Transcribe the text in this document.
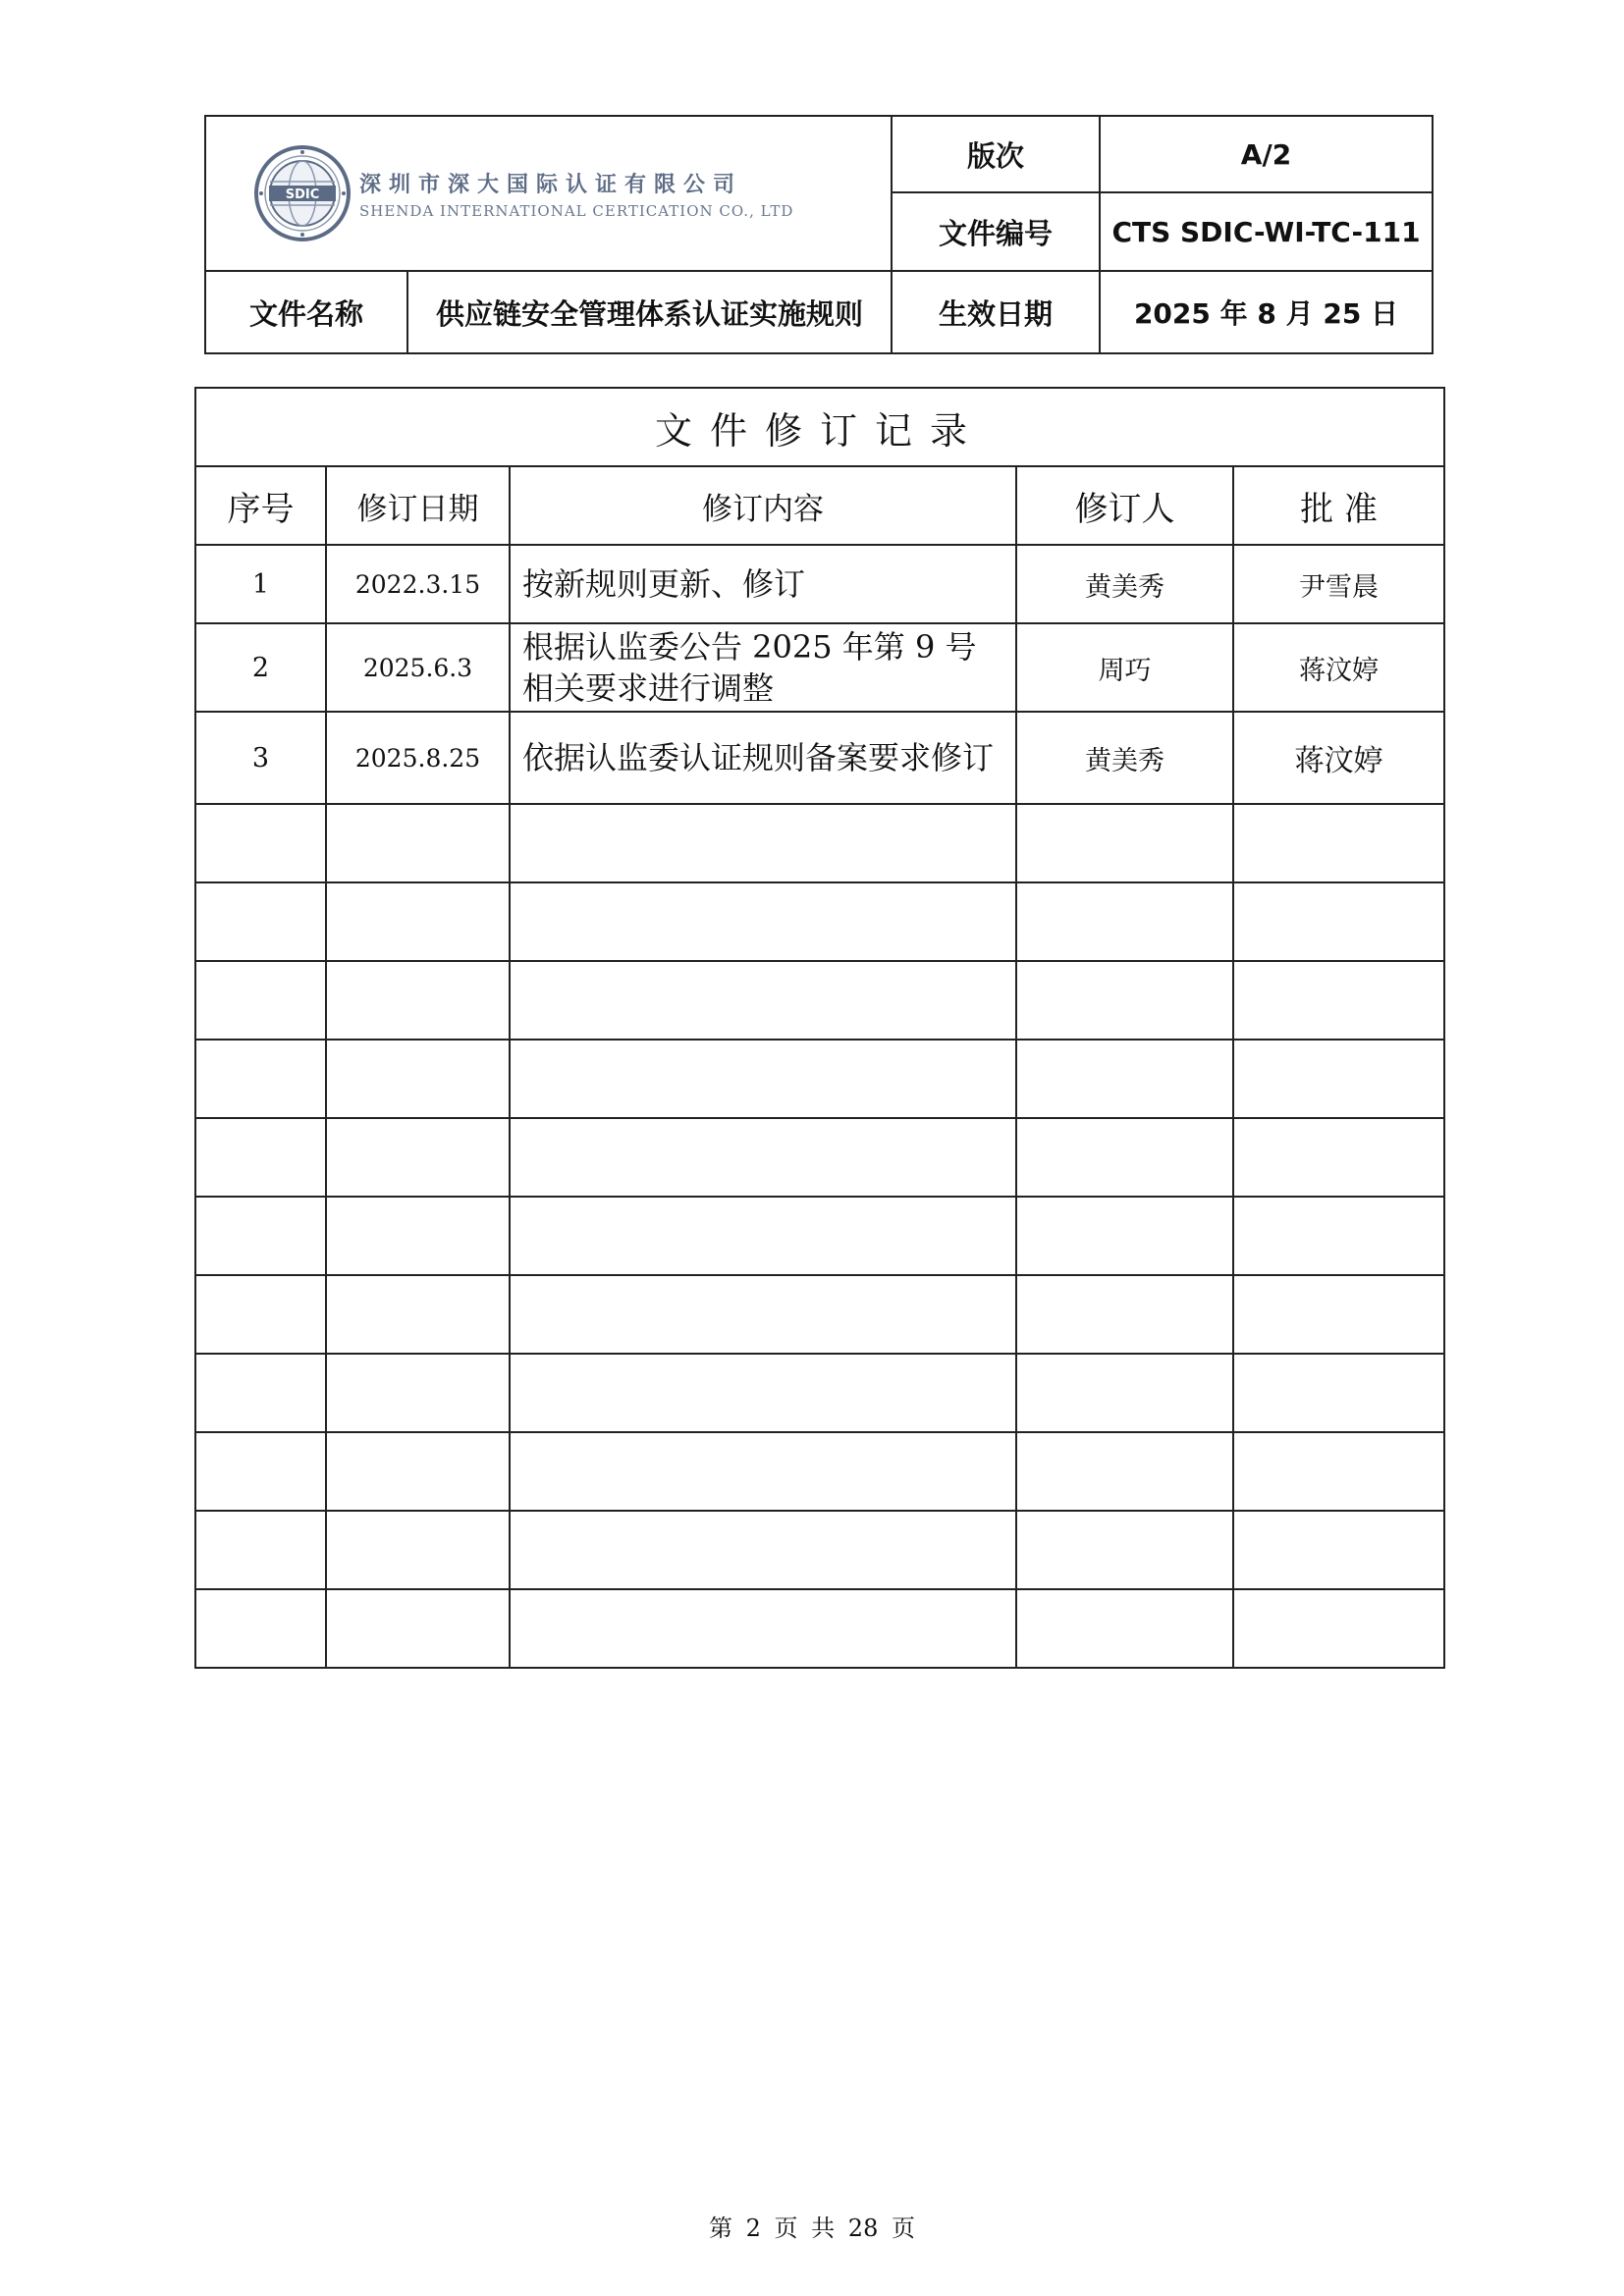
SDIC 深圳市深大国际认证有限公司
SHENDA INTERNATIONAL CERTICATION CO., LTD		版次	A/2
		文件编号	CTS SDIC-WI-TC-111
文件名称	供应链安全管理体系认证实施规则	生效日期	2025 年 8 月 25 日
文件修订记录				
序号	修订日期	修订内容	修订人	批 准
1	2022.3.15	按新规则更新、修订	黄美秀	尹雪晨
2	2025.6.3	根据认监委公告 2025 年第 9 号相关要求进行调整	周巧	蒋汶婷
3	2025.8.25	依据认监委认证规则备案要求修订	黄美秀	蒋汶婷

第 2 页 共 28 页
